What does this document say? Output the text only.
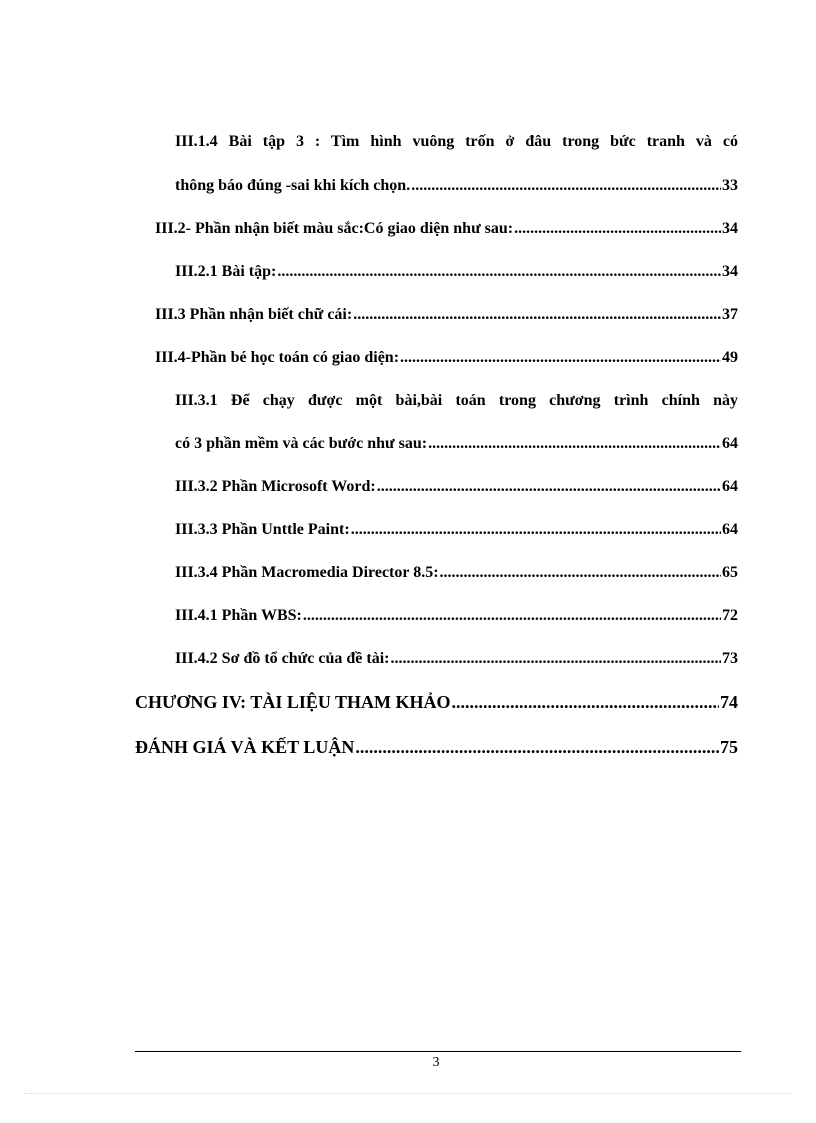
III.1.4 Bài tập 3 : Tìm hình vuông trốn ở đâu trong bức tranh và có
thông báo đúng -sai khi kích chọn. .....	33
III.2- Phần nhận biết màu sắc:Có giao diện như sau: .....	34
III.2.1 Bài tập: .....	34
III.3 Phần nhận biết chữ cái: .....	37
III.4-Phần bé học toán có giao diện: .....	49
III.3.1 Để chạy được một bài,bài toán trong chương trình chính này
có 3 phần mềm và các bước như sau: .....	64
III.3.2 Phần Microsoft Word: .....	64
III.3.3 Phần Unttle Paint: .....	64
III.3.4 Phần Macromedia Director 8.5: .....	65
III.4.1 Phần WBS: .....	72
III.4.2 Sơ đồ tổ chức của đề tài: .....	73
CHƯƠNG IV: TÀI LIỆU THAM KHẢO .....	74
ĐÁNH GIÁ VÀ KẾT LUẬN .....	75
3
